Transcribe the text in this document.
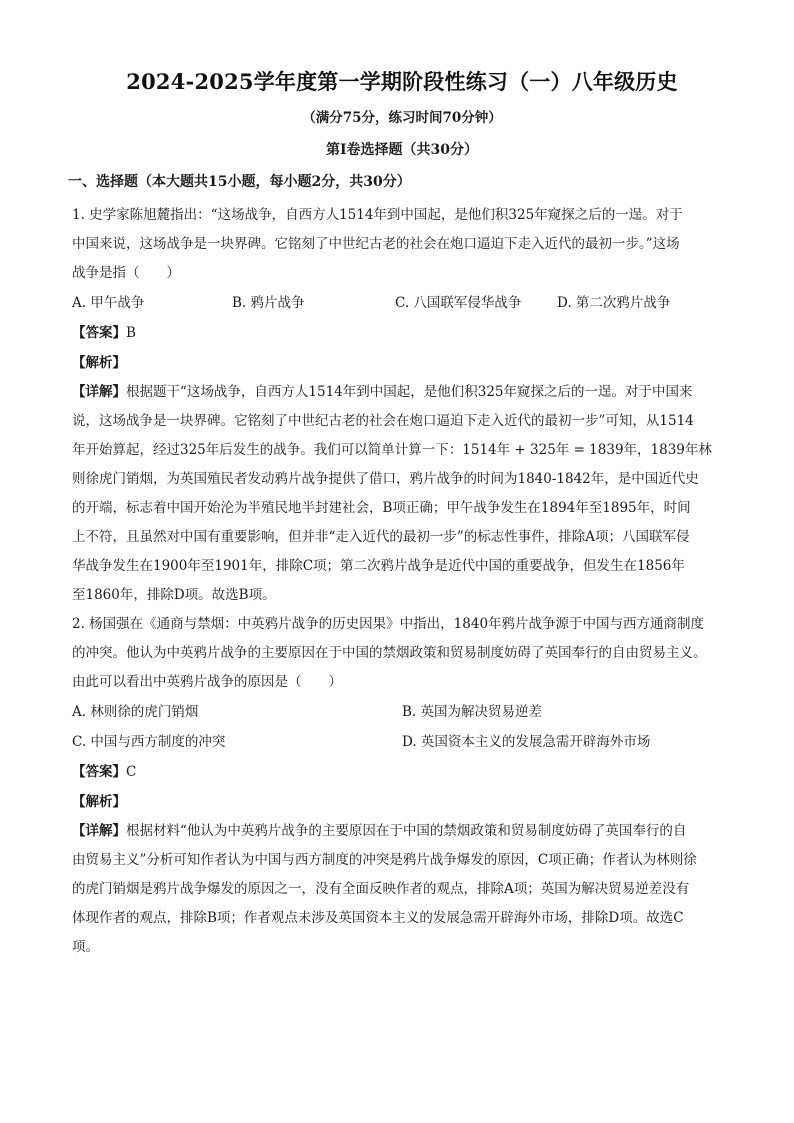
2024-2025学年度第一学期阶段性练习（一）八年级历史
（满分75分，练习时间70分钟）
第Ⅰ卷选择题（共30分）
一、选择题（本大题共15小题，每小题2分，共30分）

1. 史学家陈旭麓指出：“这场战争，自西方人1514年到中国起，是他们积325年窥探之后的一逞。对于

中国来说，这场战争是一块界碑。它铭刻了中世纪古老的社会在炮口逼迫下走入近代的最初一步。”这场

战争是指（　　）

A. 甲午战争	B. 鸦片战争	C. 八国联军侵华战争	D. 第二次鸦片战争
【答案】B
【解析】

【详解】根据题干“这场战争，自西方人1514年到中国起，是他们积325年窥探之后的一逞。对于中国来

说，这场战争是一块界碑。它铭刻了中世纪古老的社会在炮口逼迫下走入近代的最初一步”可知，从1514

年开始算起，经过325年后发生的战争。我们可以简单计算一下：1514年 + 325年 = 1839年，1839年林

则徐虎门销烟，为英国殖民者发动鸦片战争提供了借口，鸦片战争的时间为1840-1842年，是中国近代史

的开端，标志着中国开始沦为半殖民地半封建社会，B项正确；甲午战争发生在1894年至1895年，时间

上不符，且虽然对中国有重要影响，但并非“走入近代的最初一步”的标志性事件，排除A项；八国联军侵

华战争发生在1900年至1901年，排除C项；第二次鸦片战争是近代中国的重要战争，但发生在1856年

至1860年，排除D项。故选B项。

2. 杨国强在《通商与禁烟：中英鸦片战争的历史因果》中指出，1840年鸦片战争源于中国与西方通商制度

的冲突。他认为中英鸦片战争的主要原因在于中国的禁烟政策和贸易制度妨碍了英国奉行的自由贸易主义。

由此可以看出中英鸦片战争的原因是（　　）

A. 林则徐的虎门销烟	B. 英国为解决贸易逆差
C. 中国与西方制度的冲突	D. 英国资本主义的发展急需开辟海外市场
【答案】C
【解析】

【详解】根据材料“他认为中英鸦片战争的主要原因在于中国的禁烟政策和贸易制度妨碍了英国奉行的自

由贸易主义”分析可知作者认为中国与西方制度的冲突是鸦片战争爆发的原因，C项正确；作者认为林则徐

的虎门销烟是鸦片战争爆发的原因之一，没有全面反映作者的观点，排除A项；英国为解决贸易逆差没有

体现作者的观点，排除B项；作者观点未涉及英国资本主义的发展急需开辟海外市场，排除D项。故选C

项。
